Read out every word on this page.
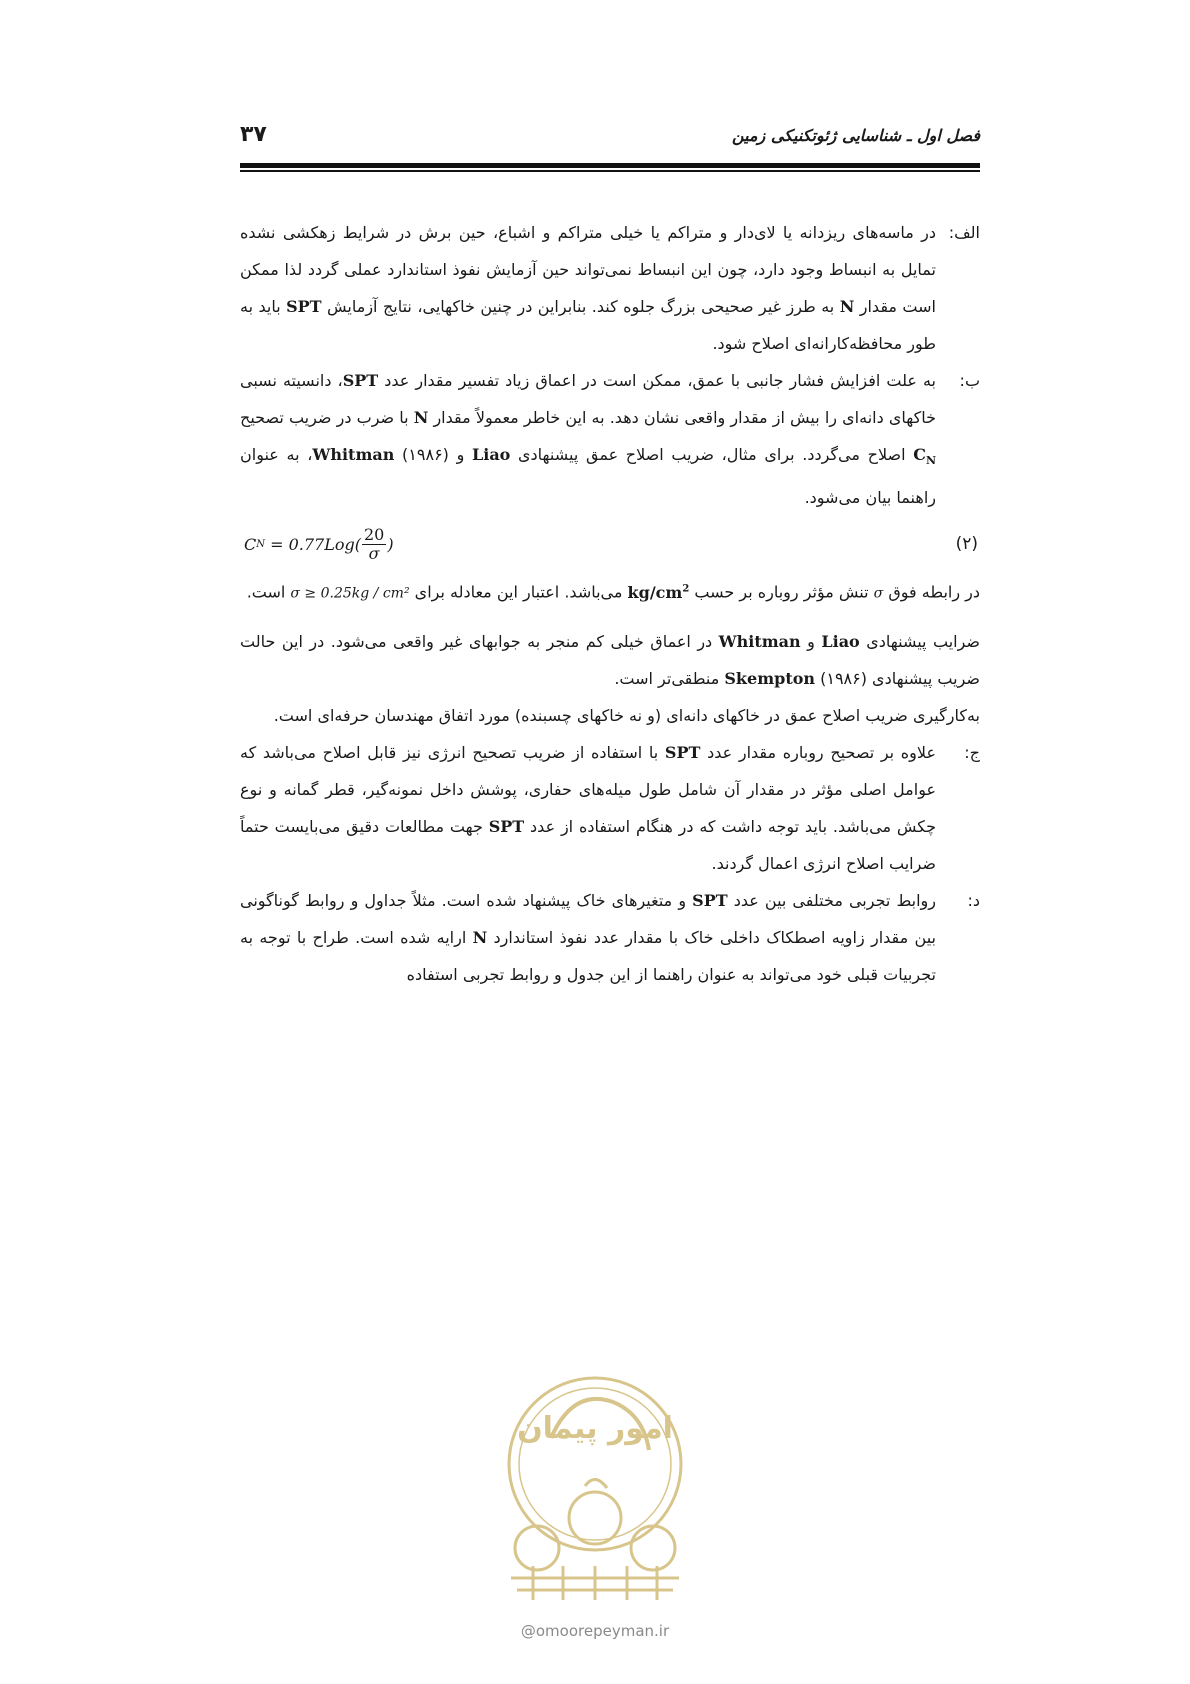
فصل اول ـ شناسایی ژئوتکنیکی زمین
۳۷
الف:

در ماسه‌های ریزدانه یا لای‌دار و متراکم یا خیلی متراکم و اشباع، حین برش در شرایط زهکشی نشده تمایل به انبساط وجود دارد، چون این انبساط نمی‌تواند حین آزمایش نفوذ استاندارد عملی گردد لذا ممکن است مقدار N به طرز غیر صحیحی بزرگ جلوه کند. بنابراین در چنین خاکهایی، نتایج آزمایش SPT باید به طور محافظه‌کارانه‌ای اصلاح شود.

ب:

به علت افزایش فشار جانبی با عمق، ممکن است در اعماق زیاد تفسیر مقدار عدد SPT، دانسیته نسبی خاکهای دانه‌ای را بیش از مقدار واقعی نشان دهد. به این خاطر معمولاً مقدار N با ضرب در ضریب تصحیح $C_N$ اصلاح می‌گردد. برای مثال، ضریب اصلاح عمق پیشنهادی Liao و Whitman (۱۹۸۶)، به عنوان راهنما بیان می‌شود.

C $N = 0.77Log( \frac{20}{\sigma}$ )	(۲)

در رابطه فوق σ تنش مؤثر روباره بر حسب $kg/cm^2$ می‌باشد. اعتبار این معادله برای σ ≥ 0.25kg / cm² است.

ضرایب پیشنهادی Liao و Whitman در اعماق خیلی کم منجر به جوابهای غیر واقعی می‌شود. در این حالت ضریب پیشنهادی Skempton (۱۹۸۶) منطقی‌تر است.

به‌کارگیری ضریب اصلاح عمق در خاکهای دانه‌ای (و نه خاکهای چسبنده) مورد اتفاق مهندسان حرفه‌ای است.

ج:

علاوه بر تصحیح روباره مقدار عدد SPT با استفاده از ضریب تصحیح انرژی نیز قابل اصلاح می‌باشد که عوامل اصلی مؤثر در مقدار آن شامل طول میله‌های حفاری، پوشش داخل نمونه‌گیر، قطر گمانه و نوع چکش می‌باشد. باید توجه داشت که در هنگام استفاده از عدد SPT جهت مطالعات دقیق می‌بایست حتماً ضرایب اصلاح انرژی اعمال گردند.

د:

روابط تجربی مختلفی بین عدد SPT و متغیرهای خاک پیشنهاد شده است. مثلاً جداول و روابط گوناگونی بین مقدار زاویه اصطکاک داخلی خاک با مقدار عدد نفوذ استاندارد N ارایه شده است. طراح با توجه به تجربیات قبلی خود می‌تواند به عنوان راهنما از این جدول و روابط تجربی استفاده

امور پیمان
@omoorepeyman.ir
